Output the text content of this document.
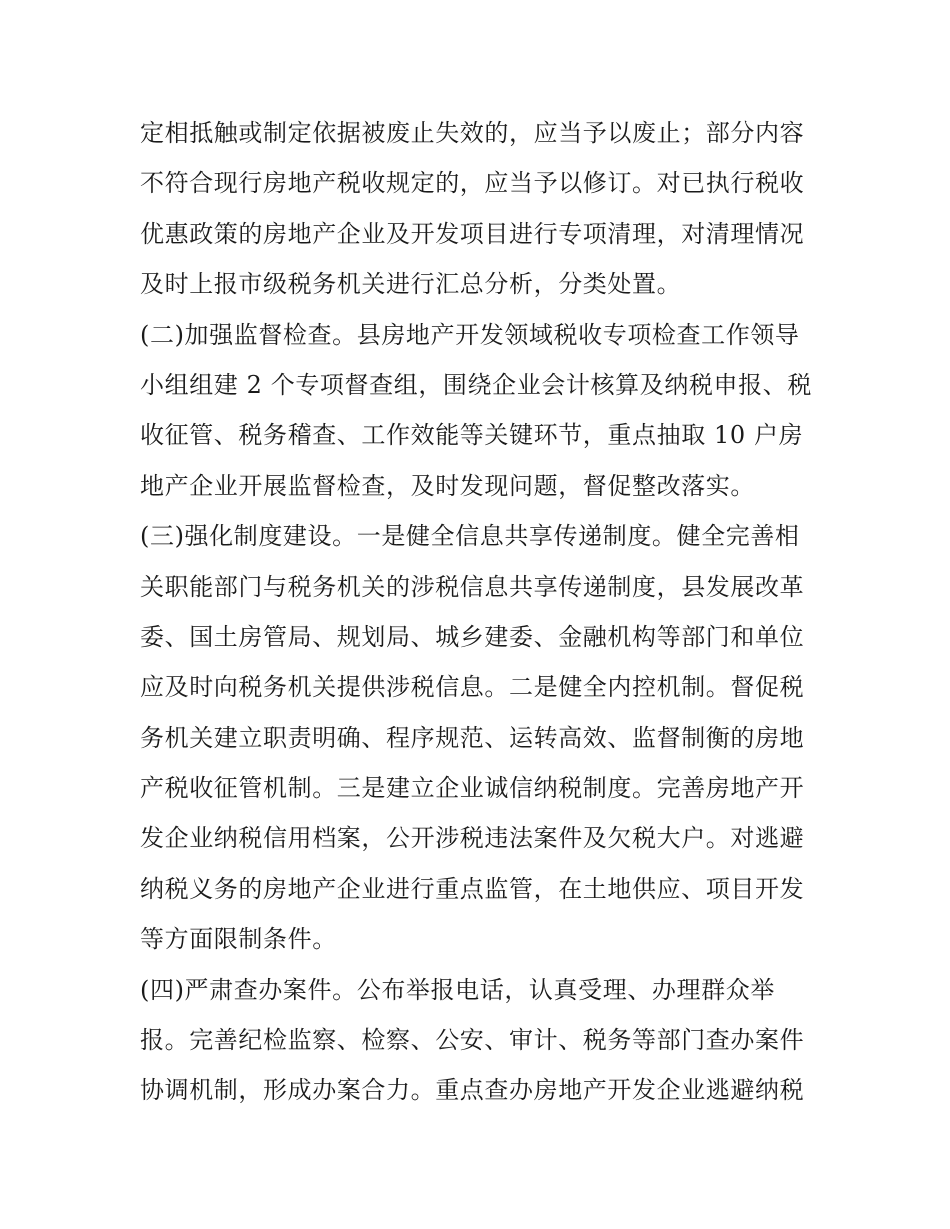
定相抵触或制定依据被废止失效的，应当予以废止；部分内容
不符合现行房地产税收规定的，应当予以修订。对已执行税收
优惠政策的房地产企业及开发项目进行专项清理，对清理情况
及时上报市级税务机关进行汇总分析，分类处置。
(二)加强监督检查。县房地产开发领域税收专项检查工作领导
小组组建 2 个专项督查组，围绕企业会计核算及纳税申报、税
收征管、税务稽查、工作效能等关键环节，重点抽取 10 户房
地产企业开展监督检查，及时发现问题，督促整改落实。
(三)强化制度建设。一是健全信息共享传递制度。健全完善相
关职能部门与税务机关的涉税信息共享传递制度，县发展改革
委、国土房管局、规划局、城乡建委、金融机构等部门和单位
应及时向税务机关提供涉税信息。二是健全内控机制。督促税
务机关建立职责明确、程序规范、运转高效、监督制衡的房地
产税收征管机制。三是建立企业诚信纳税制度。完善房地产开
发企业纳税信用档案，公开涉税违法案件及欠税大户。对逃避
纳税义务的房地产企业进行重点监管，在土地供应、项目开发
等方面限制条件。
(四)严肃查办案件。公布举报电话，认真受理、办理群众举
报。完善纪检监察、检察、公安、审计、税务等部门查办案件
协调机制，形成办案合力。重点查办房地产开发企业逃避纳税
